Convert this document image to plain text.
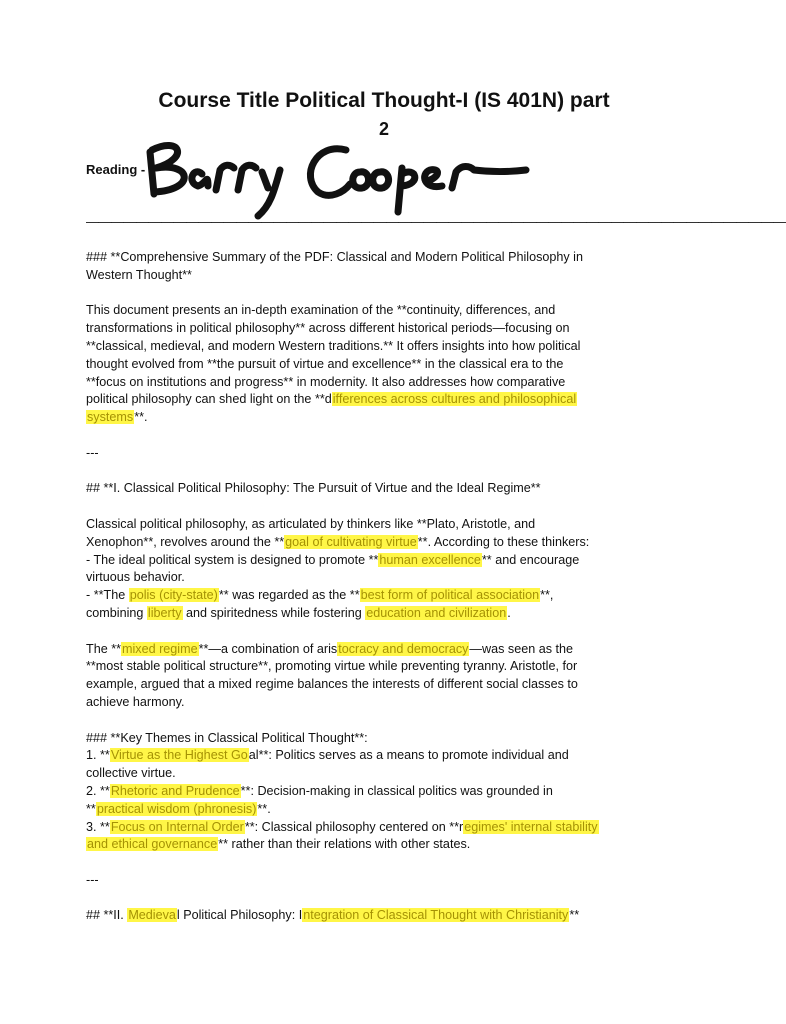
Course Title Political Thought-I (IS 401N) part
2
Reading -
————————————————————————————————————————————————————————
### **Comprehensive Summary of the PDF: Classical and Modern Political Philosophy in
Western Thought**
This document presents an in-depth examination of the **continuity, differences, and
transformations in political philosophy** across different historical periods—focusing on
**classical, medieval, and modern Western traditions.** It offers insights into how political
thought evolved from **the pursuit of virtue and excellence** in the classical era to the
**focus on institutions and progress** in modernity. It also addresses how comparative
political philosophy can shed light on the **differences across cultures and philosophical
systems**.
---
## **I. Classical Political Philosophy: The Pursuit of Virtue and the Ideal Regime**
Classical political philosophy, as articulated by thinkers like **Plato, Aristotle, and
Xenophon**, revolves around the **goal of cultivating virtue**. According to these thinkers:
- The ideal political system is designed to promote **human excellence** and encourage
virtuous behavior.
- **The polis (city-state)** was regarded as the **best form of political association**,
combining liberty and spiritedness while fostering education and civilization.
The **mixed regime**—a combination of aristocracy and democracy—was seen as the
**most stable political structure**, promoting virtue while preventing tyranny. Aristotle, for
example, argued that a mixed regime balances the interests of different social classes to
achieve harmony.
### **Key Themes in Classical Political Thought**:
1. **Virtue as the Highest Goal**: Politics serves as a means to promote individual and
collective virtue.
2. **Rhetoric and Prudence**: Decision-making in classical politics was grounded in
**practical wisdom (phronesis)**.
3. **Focus on Internal Order**: Classical philosophy centered on **regimes' internal stability
and ethical governance** rather than their relations with other states.
---
## **II. Medieval Political Philosophy: Integration of Classical Thought with Christianity**
